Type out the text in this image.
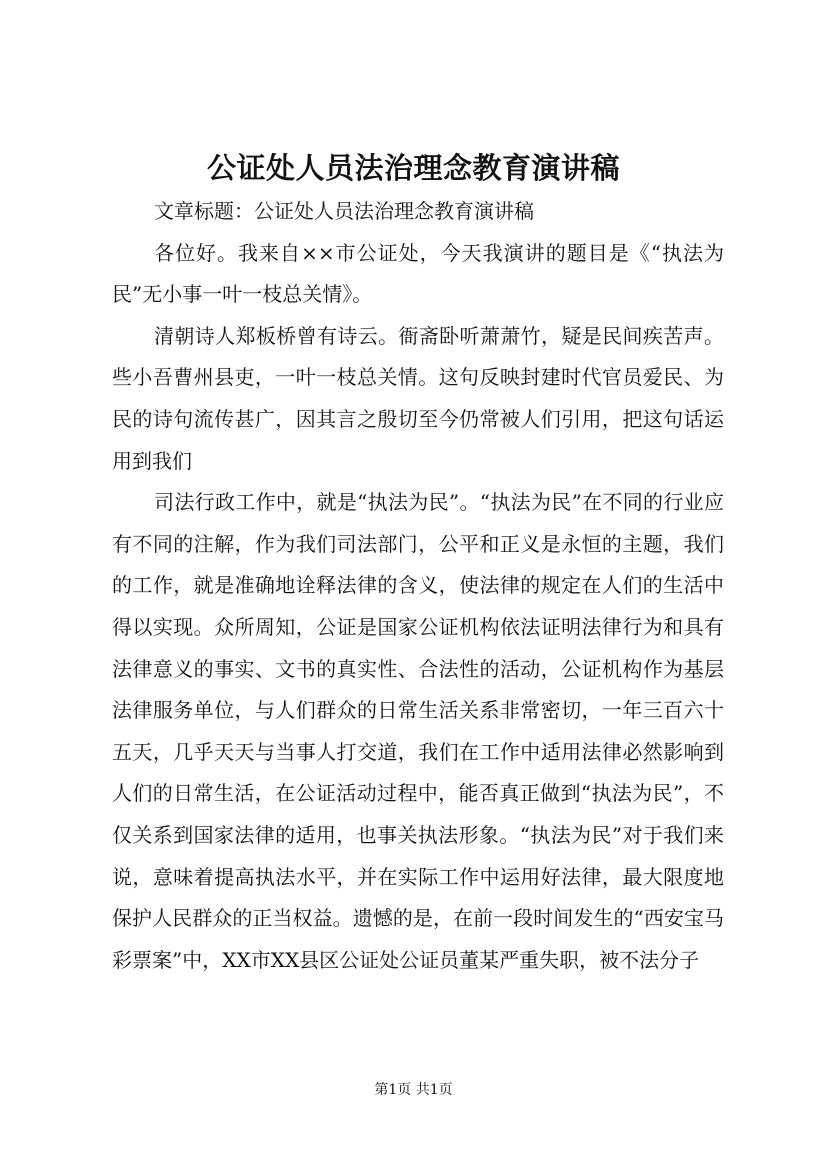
公证处人员法治理念教育演讲稿

文章标题：公证处人员法治理念教育演讲稿

各位好。我来自××市公证处，今天我演讲的题目是《“执法为民”无小事一叶一枝总关情》。

清朝诗人郑板桥曾有诗云。衙斋卧听萧萧竹，疑是民间疾苦声。些小吾曹州县吏，一叶一枝总关情。这句反映封建时代官员爱民、为民的诗句流传甚广，因其言之殷切至今仍常被人们引用，把这句话运用到我们

司法行政工作中，就是“执法为民”。“执法为民”在不同的行业应有不同的注解，作为我们司法部门，公平和正义是永恒的主题，我们的工作，就是准确地诠释法律的含义，使法律的规定在人们的生活中得以实现。众所周知，公证是国家公证机构依法证明法律行为和具有法律意义的事实、文书的真实性、合法性的活动，公证机构作为基层法律服务单位，与人们群众的日常生活关系非常密切，一年三百六十五天，几乎天天与当事人打交道，我们在工作中适用法律必然影响到人们的日常生活，在公证活动过程中，能否真正做到“执法为民”，不仅关系到国家法律的适用，也事关执法形象。“执法为民”对于我们来说，意味着提高执法水平，并在实际工作中运用好法律，最大限度地保护人民群众的正当权益。遗憾的是，在前一段时间发生的“西安宝马彩票案”中，XX市XX县区公证处公证员董某严重失职，被不法分子

第1页 共1页
